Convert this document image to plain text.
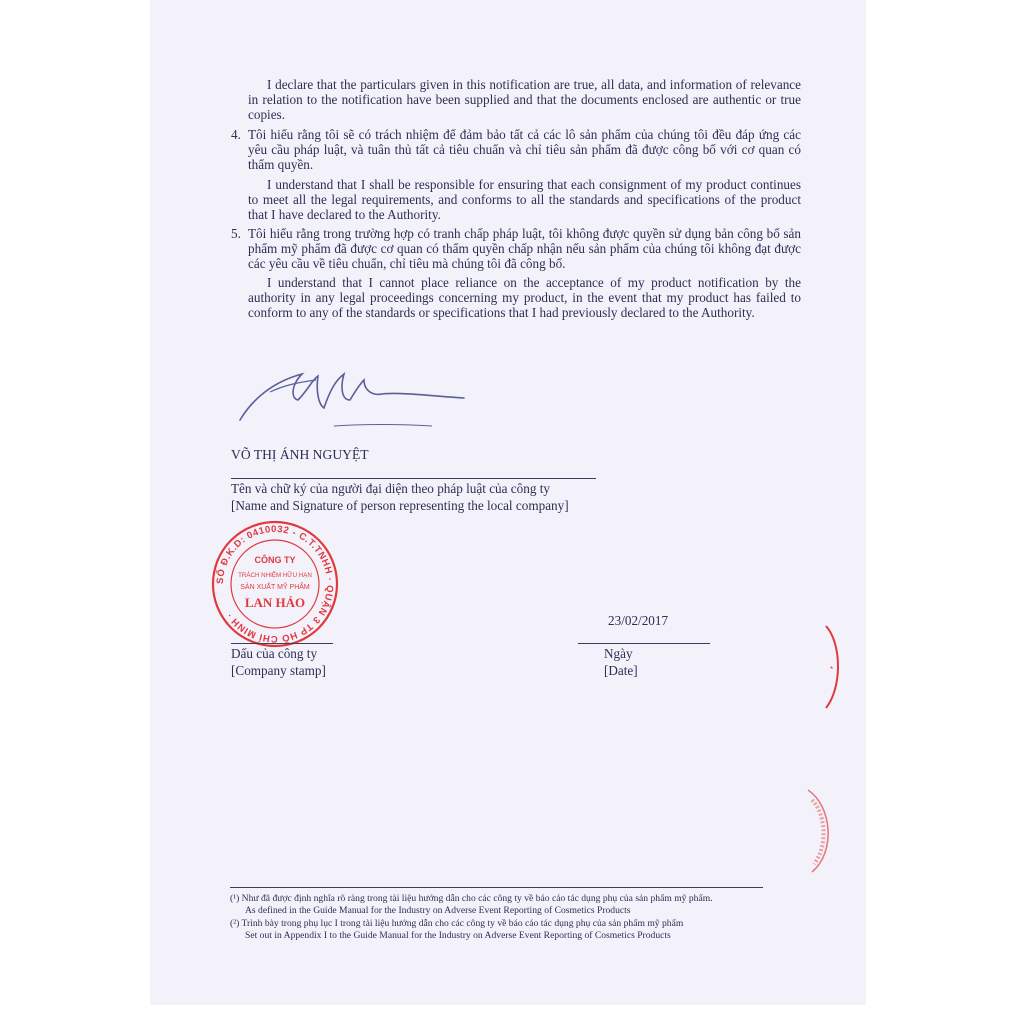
I declare that the particulars given in this notification are true, all data, and information of relevance in relation to the notification have been supplied and that the documents enclosed are authentic or true copies.
4. Tôi hiểu rằng tôi sẽ có trách nhiệm để đảm bảo tất cả các lô sản phẩm của chúng tôi đều đáp ứng các yêu cầu pháp luật, và tuân thủ tất cả tiêu chuẩn và chỉ tiêu sản phẩm đã được công bố với cơ quan có thẩm quyền.
I understand that I shall be responsible for ensuring that each consignment of my product continues to meet all the legal requirements, and conforms to all the standards and specifications of the product that I have declared to the Authority.
5. Tôi hiểu rằng trong trường hợp có tranh chấp pháp luật, tôi không được quyền sử dụng bản công bố sản phẩm mỹ phẩm đã được cơ quan có thẩm quyền chấp nhận nếu sản phẩm của chúng tôi không đạt được các yêu cầu về tiêu chuẩn, chỉ tiêu mà chúng tôi đã công bố.
I understand that I cannot place reliance on the acceptance of my product notification by the authority in any legal proceedings concerning my product, in the event that my product has failed to conform to any of the standards or specifications that I had previously declared to the Authority.
VÕ THỊ ÁNH NGUYỆT
Tên và chữ ký của người đại diện theo pháp luật của công ty
[Name and Signature of person representing the local company]
SỐ Đ.K.D: 0410032 - C.T.TNHH · QUẬN 3 TP HỒ CHÍ MINH ·
CÔNG TY
TRÁCH NHIỆM HỮU HẠN
SẢN XUẤT MỸ PHẨM
LAN HẢO
Dấu của công ty
[Company stamp]
23/02/2017
Ngày
[Date]	*
(¹) Như đã được định nghĩa rõ ràng trong tài liệu hướng dẫn cho các công ty về báo cáo tác dụng phụ của sản phẩm mỹ phẩm.
As defined in the Guide Manual for the Industry on Adverse Event Reporting of Cosmetics Products
(²) Trình bày trong phụ lục I trong tài liệu hướng dẫn cho các công ty về báo cáo tác dụng phụ của sản phẩm mỹ phẩm
Set out in Appendix I to the Guide Manual for the Industry on Adverse Event Reporting of Cosmetics Products
